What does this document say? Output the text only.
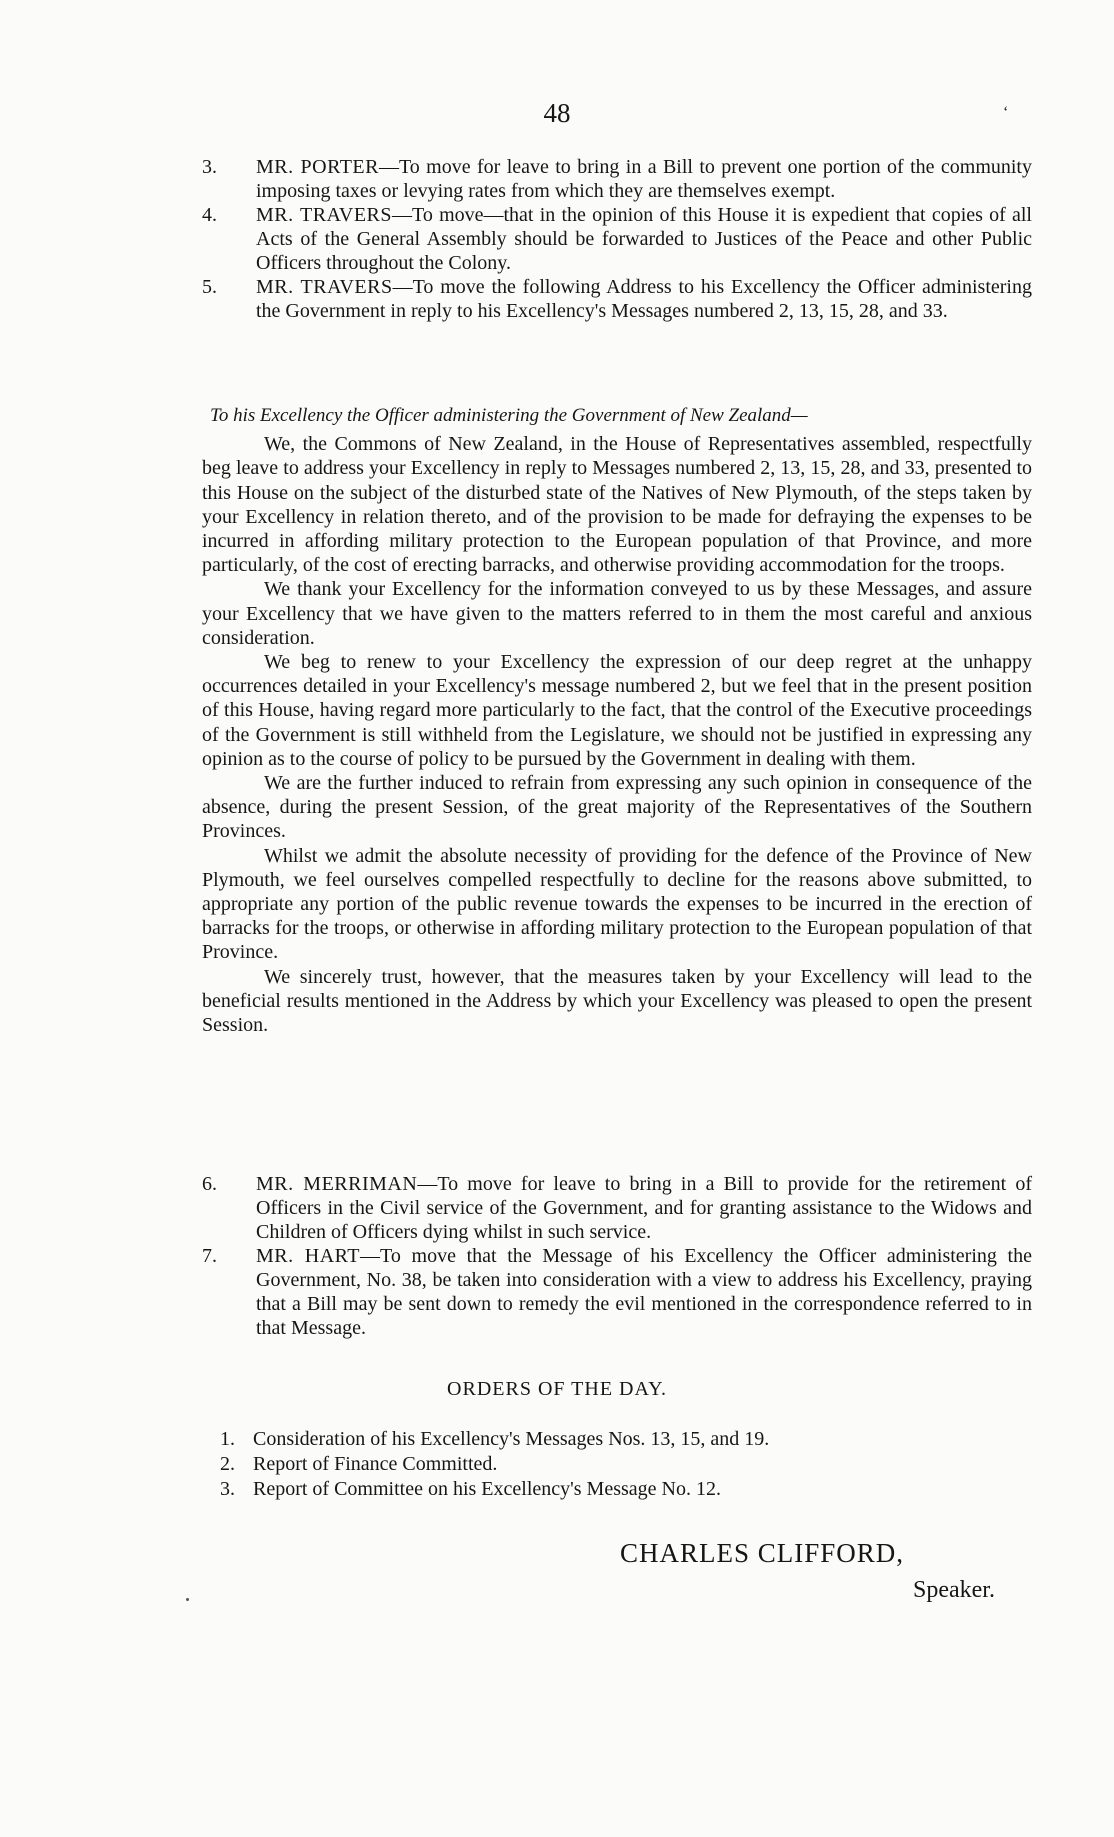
48	‘
3. MR. PORTER—To move for leave to bring in a Bill to prevent one portion of the community imposing taxes or levying rates from which they are themselves exempt.
4. MR. TRAVERS—To move—that in the opinion of this House it is expedient that copies of all Acts of the General Assembly should be forwarded to Justices of the Peace and other Public Officers throughout the Colony.
5. MR. TRAVERS—To move the following Address to his Excellency the Officer administering the Government in reply to his Excellency's Messages numbered 2, 13, 15, 28, and 33.

To his Excellency the Officer administering the Government of New Zealand—

We, the Commons of New Zealand, in the House of Representatives assembled, respectfully beg leave to address your Excellency in reply to Messages numbered 2, 13, 15, 28, and 33, presented to this House on the subject of the disturbed state of the Natives of New Plymouth, of the steps taken by your Excellency in relation thereto, and of the provision to be made for defraying the expenses to be incurred in affording military protection to the European population of that Province, and more particularly, of the cost of erecting barracks, and otherwise providing accommodation for the troops.

We thank your Excellency for the information conveyed to us by these Messages, and assure your Excellency that we have given to the matters referred to in them the most careful and anxious consideration.

We beg to renew to your Excellency the expression of our deep regret at the unhappy occurrences detailed in your Excellency's message numbered 2, but we feel that in the present position of this House, having regard more particularly to the fact, that the control of the Executive proceedings of the Government is still withheld from the Legislature, we should not be justified in expressing any opinion as to the course of policy to be pursued by the Government in dealing with them.

We are the further induced to refrain from expressing any such opinion in consequence of the absence, during the present Session, of the great majority of the Representatives of the Southern Provinces.

Whilst we admit the absolute necessity of providing for the defence of the Province of New Plymouth, we feel ourselves compelled respectfully to decline for the reasons above submitted, to appropriate any portion of the public revenue towards the expenses to be incurred in the erection of barracks for the troops, or otherwise in affording military protection to the European population of that Province.

We sincerely trust, however, that the measures taken by your Excellency will lead to the beneficial results mentioned in the Address by which your Excellency was pleased to open the present Session.

6. MR. MERRIMAN—To move for leave to bring in a Bill to provide for the retirement of Officers in the Civil service of the Government, and for granting assistance to the Widows and Children of Officers dying whilst in such service.
7. MR. HART—To move that the Message of his Excellency the Officer administering the Government, No. 38, be taken into consideration with a view to address his Excellency, praying that a Bill may be sent down to remedy the evil mentioned in the correspondence referred to in that Message.
ORDERS OF THE DAY.
1. Consideration of his Excellency's Messages Nos. 13, 15, and 19.
2. Report of Finance Committed.
3. Report of Committee on his Excellency's Message No. 12.
CHARLES CLIFFORD,
Speaker.
